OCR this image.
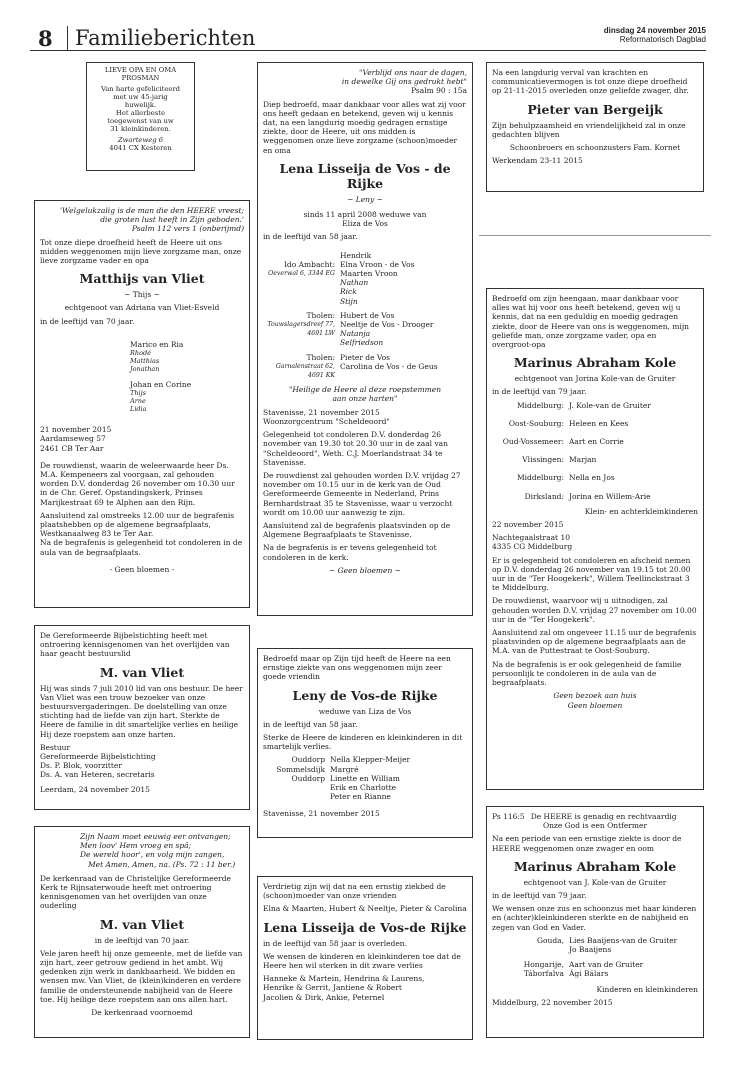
8	Familieberichten	dinsdag 24 november 2015
Reformatorisch Dagblad
LIEVE OPA EN OMA
PROSMAN
Van harte gefeliciteerd
met uw 45-jarig
huwelijk.
Het allerbeste
toegewenst van uw
31 kleinkinderen.
Zwarteweg 6
4041 CX Kesteren
'Welgelukzalig is de man die den HEERE vreest;
die groten lust heeft in Zijn geboden.'
Psalm 112 vers 1 (onberijmd)
Tot onze diepe droefheid heeft de Heere uit ons midden weggenomen mijn lieve zorgzame man, onze lieve zorgzame vader en opa
Matthijs van Vliet
~ Thijs ~
echtgenoot van Adriana van Vliet-Esveld
in de leeftijd van 70 jaar.
Marico en Ria
Rhodé
Matthias
Jonathan
Johan en Corine
Thijs
Arne
Lidia
21 november 2015
Aardamseweg 57
2461 CB Ter Aar
De rouwdienst, waarin de weleerwaarde heer Ds. M.A. Kempeneers zal voorgaan, zal gehouden worden D.V. donderdag 26 november om 10.30 uur in de Chr. Geref. Opstandingskerk, Prinses Marijkestraat 69 te Alphen aan den Rijn.
Aansluitend zal omstreeks 12.00 uur de begrafenis plaatshebben op de algemene begraafplaats, Westkanaalweg 83 te Ter Aar.
Na de begrafenis is gelegenheid tot condoleren in de aula van de begraafplaats.
- Geen bloemen -
De Gereformeerde Bijbelstichting heeft met ontroering kennisgenomen van het overlijden van haar geacht bestuurslid
M. van Vliet
Hij was sinds 7 juli 2010 lid van ons bestuur. De heer Van Vliet was een trouw bezoeker van onze bestuursvergaderingen. De doelstelling van onze stichting had de liefde van zijn hart. Sterkte de Heere de familie in dit smartelijke verlies en heilige Hij deze roepstem aan onze harten.
Bestuur
Gereformeerde Bijbelstichting
Ds. P. Blok, voorzitter
Ds. A. van Heteren, secretaris
Leerdam, 24 november 2015
Zijn Naam moet eeuwig eer ontvangen;
Men loov' Hem vroeg en spâ;
De wereld hoor', en volg mijn zangen,
Met Amen, Amen, na. (Ps. 72 : 11 ber.)
De kerkenraad van de Christelijke Gereformeerde Kerk te Rijnsaterwoude heeft met ontroering kennisgenomen van het overlijden van onze ouderling
M. van Vliet
in de leeftijd van 70 jaar.
Vele jaren heeft hij onze gemeente, met de liefde van zijn hart, zeer getrouw gediend in het ambt. Wij gedenken zijn werk in dankbaarheid. We bidden en wensen mw. Van Vliet, de (klein)kinderen en verdere familie de ondersteunende nabijheid van de Heere toe. Hij heilige deze roepstem aan ons allen hart.
De kerkenraad voornoemd
"Verblijd ons naar de dagen,
in dewelke Gij ons gedrukt hebt"
Psalm 90 : 15a
Diep bedroefd, maar dankbaar voor alles wat zij voor ons heeft gedaan en betekend, geven wij u kennis dat, na een langdurig moedig gedragen ernstige ziekte, door de Heere, uit ons midden is weggenomen onze lieve zorgzame (schoon)moeder en oma
Lena Lisseija de Vos - de Rijke
~ Leny ~
sinds 11 april 2008 weduwe van
Eliza de Vos
in de leeftijd van 58 jaar.
Hendrik
Ido Ambacht: Elna Vroon - de Vos
Oeverwal 6, 3344 EG Maarten Vroon
Nathan
Rick
Stijn
Tholen: Hubert de Vos
Touwslagersdreef 77, Neeltje de Vos - Drooger
4691 LW Natanja
Selfriedson
Tholen: Pieter de Vos
Garnalenstraat 62, Carolina de Vos - de Geus
4691 KK
"Heilige de Heere al deze roepstemmen
aan onze harten"
Stavenisse, 21 november 2015
Woonzorgcentrum "Scheldeoord"
Gelegenheid tot condoleren D.V. donderdag 26 november van 19.30 tot 20.30 uur in de zaal van "Scheldeoord", Weth. C.J. Moerlandstraat 34 te Stavenisse.
De rouwdienst zal gehouden worden D.V. vrijdag 27 november om 10.15 uur in de kerk van de Oud Gereformeerde Gemeente in Nederland, Prins Bernhardstraat 35 te Stavenisse, waar u verzocht wordt om 10.00 uur aanwezig te zijn.
Aansluitend zal de begrafenis plaatsvinden op de Algemene Begraafplaats te Stavenisse.
Na de begrafenis is er tevens gelegenheid tot condoleren in de kerk.
~ Geen bloemen ~
Bedroefd maar op Zijn tijd heeft de Heere na een ernstige ziekte van ons weggenomen mijn zeer goede vriendin
Leny de Vos-de Rijke
weduwe van Liza de Vos
in de leeftijd van 58 jaar.
Sterke de Heere de kinderen en kleinkinderen in dit smartelijk verlies.
Ouddorp Nella Klepper-Meijer
Sommelsdijk Margré
Ouddorp Linette en William
Erik en Charlotte
Peter en Rianne
Stavenisse, 21 november 2015
Verdrietig zijn wij dat na een ernstig ziekbed de (schoon)moeder van onze vrienden
Elna & Maarten, Hubert & Neeltje, Pieter & Carolina
Lena Lisseija de Vos-de Rijke
in de leeftijd van 58 jaar is overleden.
We wensen de kinderen en kleinkinderen toe dat de Heere hen wil sterken in dit zware verlies
Hanneke & Martein, Hendrina & Laurens,
Henrike & Gerrit, Jantiene & Robert
Jacolien & Dirk, Ankie, Peternel
Na een langdurig verval van krachten en communicatievermogen is tot onze diepe droefheid op 21-11-2015 overleden onze geliefde zwager, dhr.
Pieter van Bergeijk
Zijn behulpzaamheid en vriendelijkheid zal in onze gedachten blijven
Schoonbroers en schoonzusters Fam. Kornet
Werkendam 23-11 2015
Bedroefd om zijn heengaan, maar dankbaar voor alles wat hij voor ons heeft betekend, geven wij u kennis, dat na een geduldig en moedig gedragen ziekte, door de Heere van ons is weggenomen, mijn geliefde man, onze zorgzame vader, opa en overgroot-opa
Marinus Abraham Kole
echtgenoot van Jorina Kole-van de Gruiter
in de leeftijd van 79 jaar.
Middelburg: J. Kole-van de Gruiter
Oost-Souburg: Heleen en Kees
Oud-Vossemeer: Aart en Corrie
Vlissingen: Marjan
Middelburg: Nella en Jos
Dirksland: Jorina en Willem-Arie
Klein- en achterkleinkinderen
22 november 2015
Nachtegaalstraat 10
4335 CG Middelburg
Er is gelegenheid tot condoleren en afscheid nemen op D.V. donderdag 26 november van 19.15 tot 20.00 uur in de "Ter Hoogekerk", Willem Teellinckstraat 3 te Middelburg.
De rouwdienst, waarvoor wij u uitnodigen, zal gehouden worden D.V. vrijdag 27 november om 10.00 uur in de "Ter Hoogekerk".
Aansluitend zal om ongeveer 11.15 uur de begrafenis plaatsvinden op de algemene begraafplaats aan de M.A. van de Puttestraat te Oost-Souburg.
Na de begrafenis is er ook gelegenheid de familie persoonlijk te condoleren in de aula van de begraafplaats.
Geen bezoek aan huis
Geen bloemen
Ps 116:5 De HEERE is genadig en rechtvaardig
Onze God is een Ontfermer
Na een periode van een ernstige ziekte is door de HEERE weggenomen onze zwager en oom
Marinus Abraham Kole
echtgenoot van J. Kole-van de Gruiter
in de leeftijd van 79 jaar.
We wensen onze zus en schoonzus met haar kinderen en (achter)kleinkinderen sterkte en de nabijheid en zegen van God en Vader.
Gouda, Lies Baaijens-van de Gruiter
Jo Baaijens
Hongarije, Aart van de Gruiter
Táborfalva Ági Bálars
Kinderen en kleinkinderen
Middelburg, 22 november 2015
